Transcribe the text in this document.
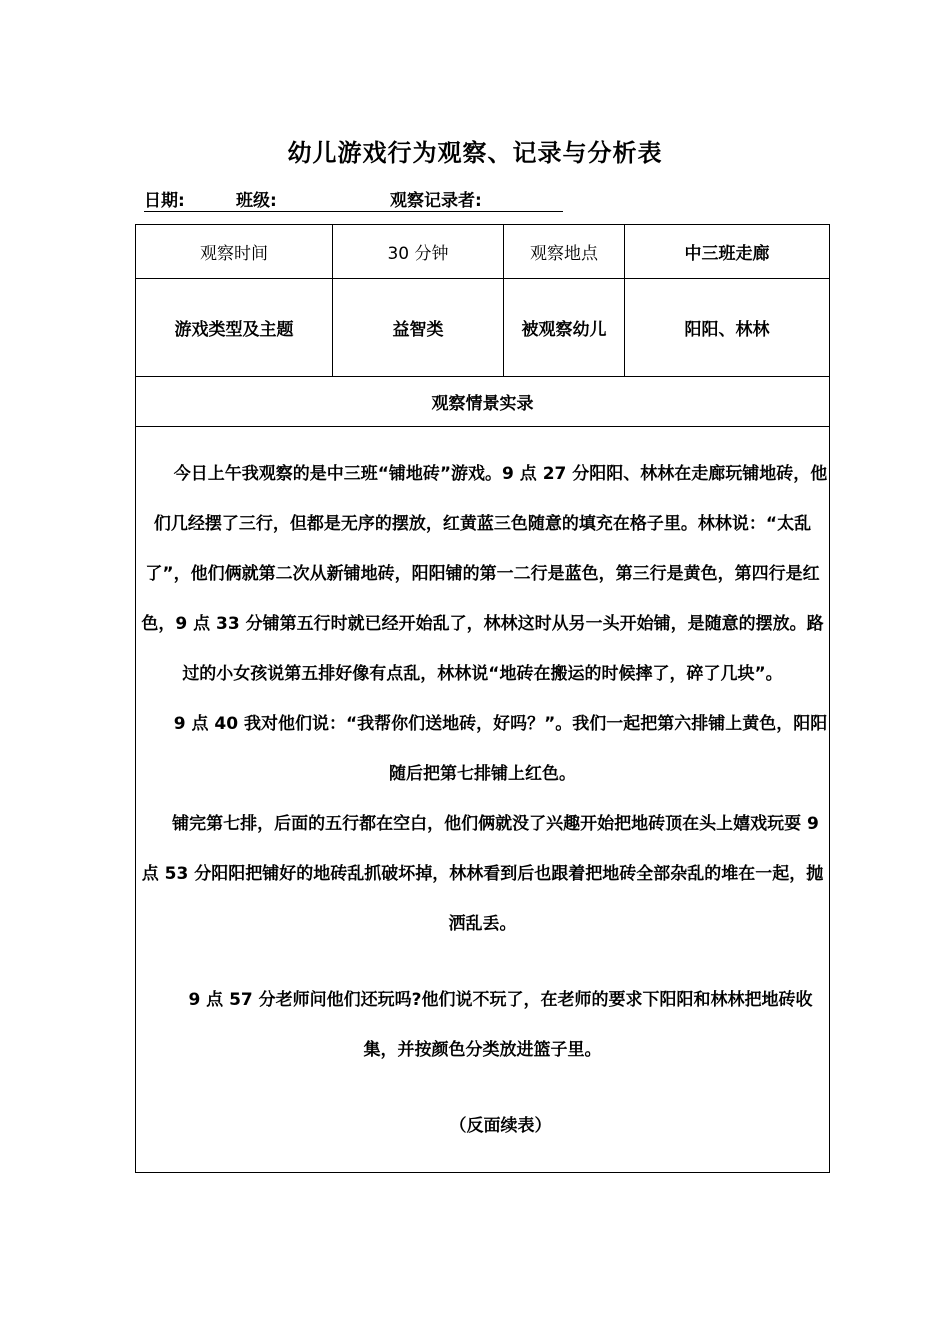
幼儿游戏行为观察、记录与分析表
日期:	班级:	观察记录者:
观察时间	30 分钟	观察地点	中三班走廊
游戏类型及主题	益智类	被观察幼儿	阳阳、林林
观察情景实录			

今日上午我观察的是中三班“铺地砖”游戏。9 点 27 分阳阳、林林在走廊玩铺地砖，他们几经摆了三行，但都是无序的摆放，红黄蓝三色随意的填充在格子里。林林说：“太乱了”，他们俩就第二次从新铺地砖，阳阳铺的第一二行是蓝色，第三行是黄色，第四行是红色，9 点 33 分铺第五行时就已经开始乱了，林林这时从另一头开始铺，是随意的摆放。路过的小女孩说第五排好像有点乱，林林说“地砖在搬运的时候摔了，碎了几块”。

9 点 40 我对他们说：“我帮你们送地砖，好吗？”。我们一起把第六排铺上黄色，阳阳随后把第七排铺上红色。

铺完第七排，后面的五行都在空白，他们俩就没了兴趣开始把地砖顶在头上嬉戏玩耍 9 点 53 分阳阳把铺好的地砖乱抓破坏掉，林林看到后也跟着把地砖全部杂乱的堆在一起，抛洒乱丢。

9 点 57 分老师问他们还玩吗?他们说不玩了，在老师的要求下阳阳和林林把地砖收集，并按颜色分类放进篮子里。

（反面续表）			
